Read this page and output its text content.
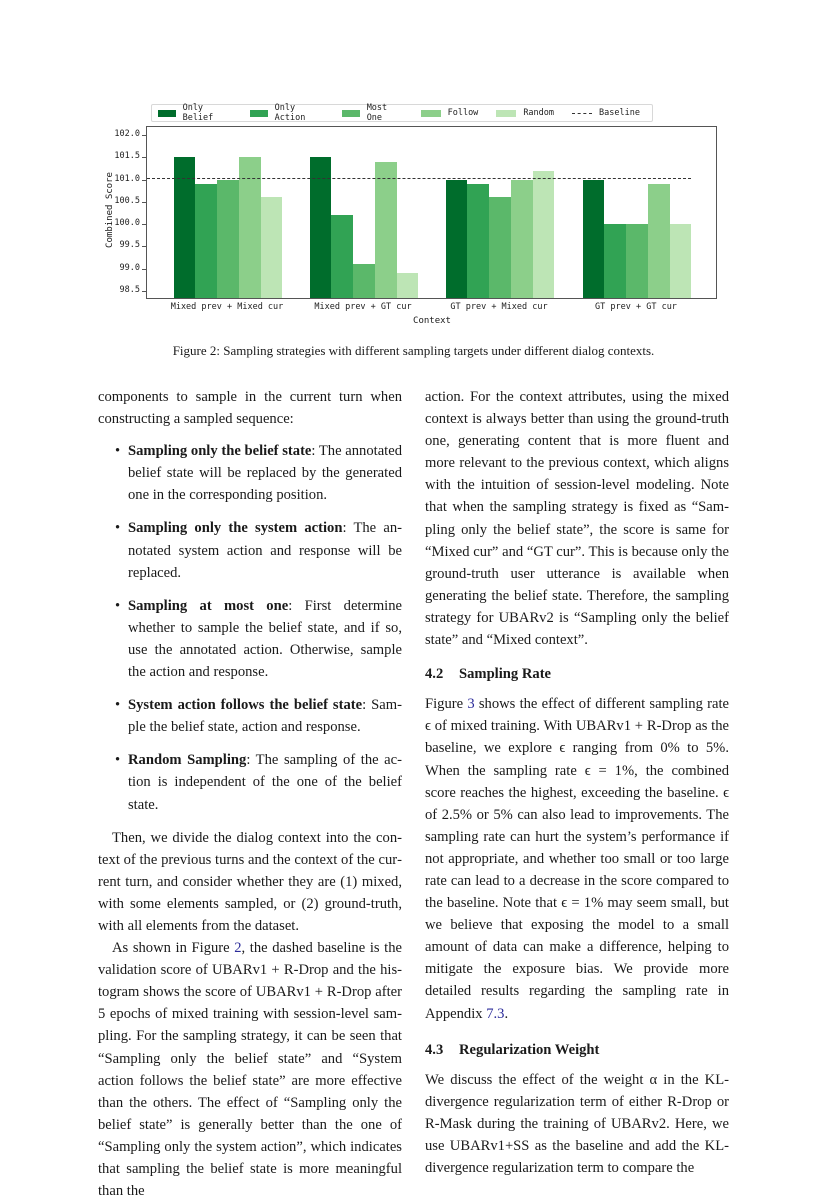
Only Belief
Only Action
Most One	Follow	Random	Baseline
Combined Score
98.5
99.0
99.5
100.0
100.5
101.0
101.5
102.0
Mixed prev + Mixed cur	Mixed prev + GT cur	GT prev + Mixed cur	GT prev + GT cur
Context
Figure 2: Sampling strategies with different sampling targets under different dialog contexts.

components to sample in the current turn when constructing a sampled sequence:

• Sampling only the belief state: The annotated belief state will be replaced by the generated one in the corresponding position.
• Sampling only the system action: The annotated system action and response will be replaced.
• Sampling at most one: First determine whether to sample the belief state, and if so, use the annotated action. Otherwise, sample the action and response.
• System action follows the belief state: Sample the belief state, action and response.
• Random Sampling: The sampling of the action is independent of the one of the belief state.

Then, we divide the dialog context into the context of the previous turns and the context of the current turn, and consider whether they are (1) mixed, with some elements sampled, or (2) ground-truth, with all elements from the dataset.

As shown in Figure 2, the dashed baseline is the validation score of UBARv1 + R-Drop and the histogram shows the score of UBARv1 + R-Drop after 5 epochs of mixed training with session-level sampling. For the sampling strategy, it can be seen that “Sampling only the belief state” and “System action follows the belief state” are more effective than the others. The effect of “Sampling only the belief state” is generally better than the one of “Sampling only the system action”, which indicates that sampling the belief state is more meaningful than the

action. For the context attributes, using the mixed context is always better than using the ground-truth one, generating content that is more fluent and more relevant to the previous context, which aligns with the intuition of session-level modeling. Note that when the sampling strategy is fixed as “Sampling only the belief state”, the score is same for “Mixed cur” and “GT cur”. This is because only the ground-truth user utterance is available when generating the belief state. Therefore, the sampling strategy for UBARv2 is “Sampling only the belief state” and “Mixed context”.

4.2 Sampling Rate

Figure 3 shows the effect of different sampling rate ϵ of mixed training. With UBARv1 + R-Drop as the baseline, we explore ϵ ranging from 0% to 5%. When the sampling rate ϵ = 1%, the combined score reaches the highest, exceeding the baseline. ϵ of 2.5% or 5% can also lead to improvements. The sampling rate can hurt the system’s performance if not appropriate, and whether too small or too large rate can lead to a decrease in the score compared to the baseline. Note that ϵ = 1% may seem small, but we believe that exposing the model to a small amount of data can make a difference, helping to mitigate the exposure bias. We provide more detailed results regarding the sampling rate in Appendix 7.3.

4.3 Regularization Weight

We discuss the effect of the weight α in the KL-divergence regularization term of either R-Drop or R-Mask during the training of UBARv2. Here, we use UBARv1+SS as the baseline and add the KL-divergence regularization term to compare the
